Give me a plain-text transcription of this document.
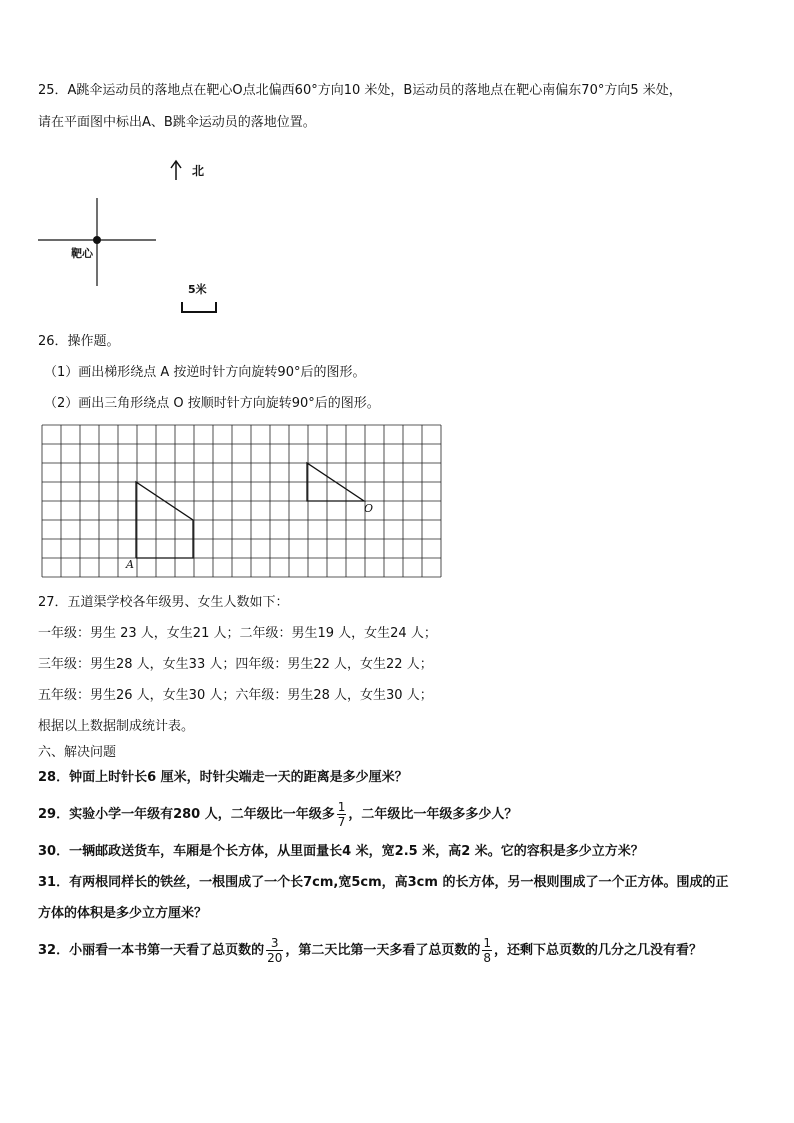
25．A跳伞运动员的落地点在靶心O点北偏西60°方向10 米处，B运动员的落地点在靶心南偏东70°方向5 米处，
请在平面图中标出A、B跳伞运动员的落地位置。
北
靶心
5米
26．操作题。
（1）画出梯形绕点 A 按逆时针方向旋转90°后的图形。
（2）画出三角形绕点 O 按顺时针方向旋转90°后的图形。
A
O
27．五道渠学校各年级男、女生人数如下：
一年级：男生 23 人，女生21 人；二年级：男生19 人，女生24 人；
三年级：男生28 人，女生33 人；四年级：男生22 人，女生22 人；
五年级：男生26 人，女生30 人；六年级：男生28 人，女生30 人；
根据以上数据制成统计表。
六、解决问题
28．钟面上时针长6 厘米，时针尖端走一天的距离是多少厘米？
29．实验小学一年级有280 人，二年级比一年级多 $\frac{1}{7}$ ，二年级比一年级多多少人？
30．一辆邮政送货车，车厢是个长方体，从里面量长4 米，宽2.5 米，高2 米。它的容积是多少立方米？
31．有两根同样长的铁丝，一根围成了一个长7cm,宽5cm，高3cm 的长方体，另一根则围成了一个正方体。围成的正
方体的体积是多少立方厘米？
32．小丽看一本书第一天看了总页数的 $\frac{3}{20}$ ，第二天比第一天多看了总页数的 $\frac{1}{8}$ ，还剩下总页数的几分之几没有看？
